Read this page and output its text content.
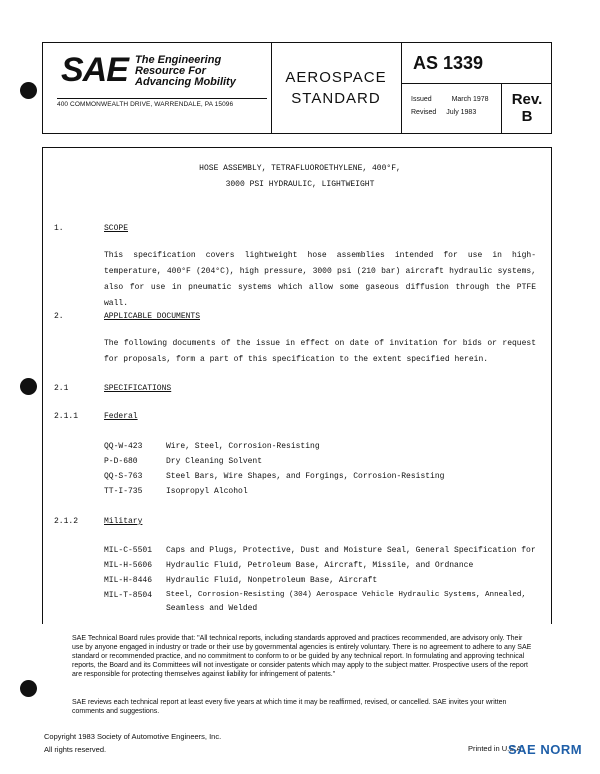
SAE The Engineering
Resource For
Advancing Mobility
400 COMMONWEALTH DRIVE, WARRENDALE, PA 15096
AEROSPACE
STANDARD
AS 1339
Issued	March 1978
Revised July 1983
Rev.
B
HOSE ASSEMBLY, TETRAFLUOROETHYLENE, 400°F,
3000 PSI HYDRAULIC, LIGHTWEIGHT
1.	SCOPE
This specification covers lightweight hose assemblies intended for use in high-temperature, 400°F (204°C), high pressure, 3000 psi (210 bar) aircraft hydraulic systems, also for use in pneumatic systems which allow some gaseous diffusion through the PTFE wall.
2.	APPLICABLE DOCUMENTS
The following documents of the issue in effect on date of invitation for bids or request for proposals, form a part of this specification to the extent specified herein.
2.1	SPECIFICATIONS
2.1.1	Federal
QQ-W-423	Wire, Steel, Corrosion-Resisting
P-D-680	Dry Cleaning Solvent
QQ-S-763	Steel Bars, Wire Shapes, and Forgings, Corrosion-Resisting
TT-I-735	Isopropyl Alcohol
2.1.2	Military
MIL-C-5501 Caps and Plugs, Protective, Dust and Moisture Seal, General Specification for
MIL-H-5606 Hydraulic Fluid, Petroleum Base, Aircraft, Missile, and Ordnance
MIL-H-8446 Hydraulic Fluid, Nonpetroleum Base, Aircraft
MIL-T-8504 Steel, Corrosion-Resisting (304) Aerospace Vehicle Hydraulic Systems, Annealed,
Seamless and Welded
SAE Technical Board rules provide that: "All technical reports, including standards approved and practices recommended, are advisory only. Their use by anyone engaged in industry or trade or their use by governmental agencies is entirely voluntary. There is no agreement to adhere to any SAE standard or recommended practice, and no commitment to conform to or be guided by any technical report. In formulating and approving technical reports, the Board and its Committees will not investigate or consider patents which may apply to the subject matter. Prospective users of the report are responsible for protecting themselves against liability for infringement of patents."
SAE reviews each technical report at least every five years at which time it may be reaffirmed, revised, or cancelled. SAE invites your written comments and suggestions.
Copyright 1983 Society of Automotive Engineers, Inc.
All rights reserved.	Printed in U.S.A.
SAE NORM
